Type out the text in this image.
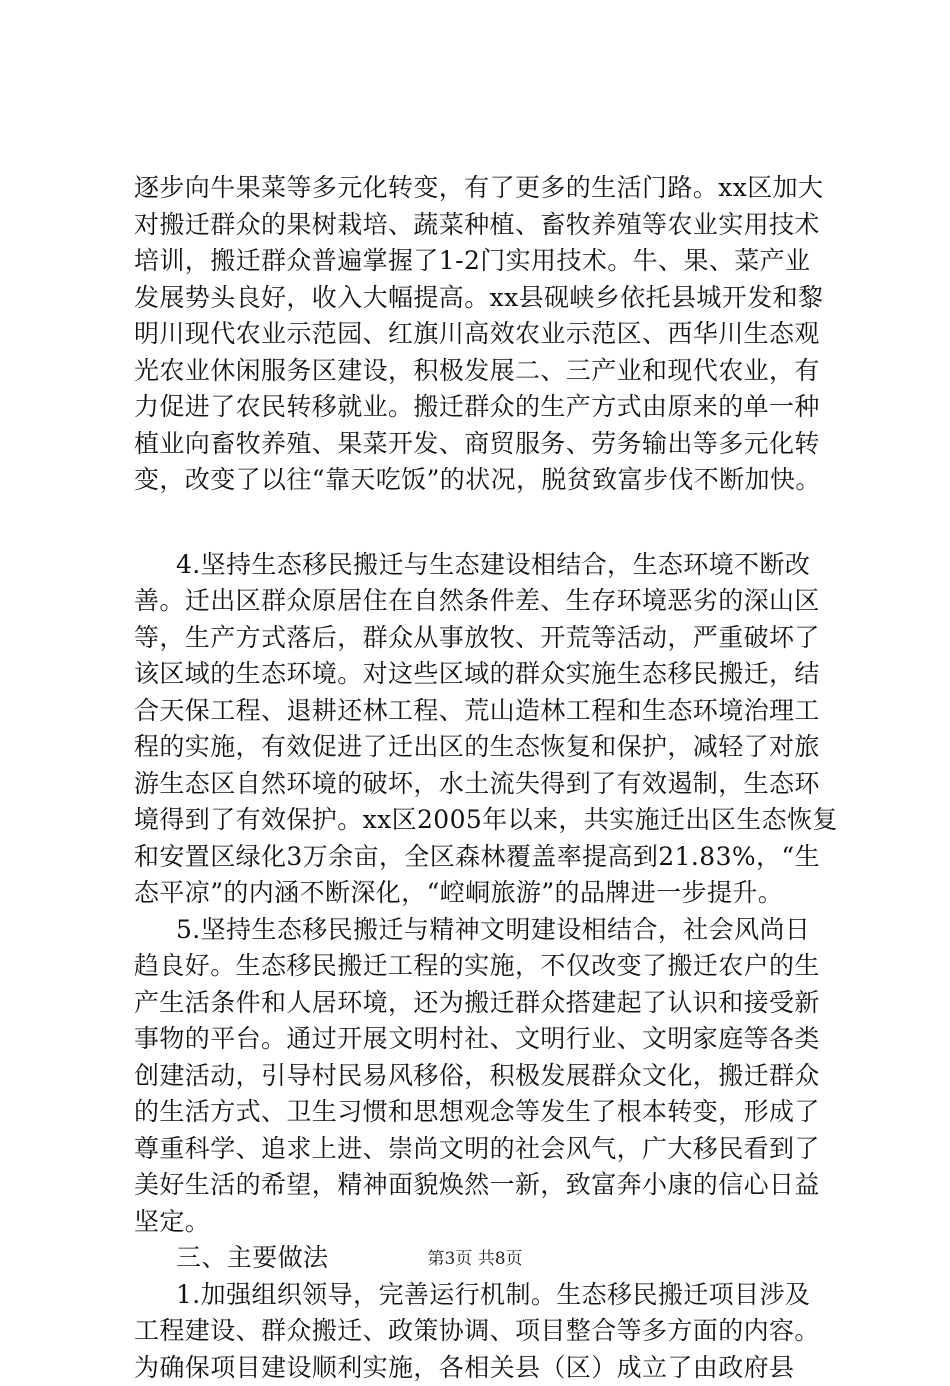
逐步向牛果菜等多元化转变，有了更多的生活门路。xx区加大
对搬迁群众的果树栽培、蔬菜种植、畜牧养殖等农业实用技术
培训，搬迁群众普遍掌握了1-2门实用技术。牛、果、菜产业
发展势头良好，收入大幅提高。xx县砚峡乡依托县城开发和黎
明川现代农业示范园、红旗川高效农业示范区、西华川生态观
光农业休闲服务区建设，积极发展二、三产业和现代农业，有
力促进了农民转移就业。搬迁群众的生产方式由原来的单一种
植业向畜牧养殖、果菜开发、商贸服务、劳务输出等多元化转
变，改变了以往“靠天吃饭”的状况，脱贫致富步伐不断加快。
4.坚持生态移民搬迁与生态建设相结合，生态环境不断改
善。迁出区群众原居住在自然条件差、生存环境恶劣的深山区
等，生产方式落后，群众从事放牧、开荒等活动，严重破坏了
该区域的生态环境。对这些区域的群众实施生态移民搬迁，结
合天保工程、退耕还林工程、荒山造林工程和生态环境治理工
程的实施，有效促进了迁出区的生态恢复和保护，减轻了对旅
游生态区自然环境的破坏，水土流失得到了有效遏制，生态环
境得到了有效保护。xx区2005年以来，共实施迁出区生态恢复
和安置区绿化3万余亩，全区森林覆盖率提高到21.83%，“生
态平凉”的内涵不断深化，“崆峒旅游”的品牌进一步提升。
5.坚持生态移民搬迁与精神文明建设相结合，社会风尚日
趋良好。生态移民搬迁工程的实施，不仅改变了搬迁农户的生
产生活条件和人居环境，还为搬迁群众搭建起了认识和接受新
事物的平台。通过开展文明村社、文明行业、文明家庭等各类
创建活动，引导村民易风移俗，积极发展群众文化，搬迁群众
的生活方式、卫生习惯和思想观念等发生了根本转变，形成了
尊重科学、追求上进、崇尚文明的社会风气，广大移民看到了
美好生活的希望，精神面貌焕然一新，致富奔小康的信心日益
坚定。
三、主要做法
1.加强组织领导，完善运行机制。生态移民搬迁项目涉及
工程建设、群众搬迁、政策协调、项目整合等多方面的内容。
为确保项目建设顺利实施，各相关县（区）成立了由政府县
第3页 共8页
